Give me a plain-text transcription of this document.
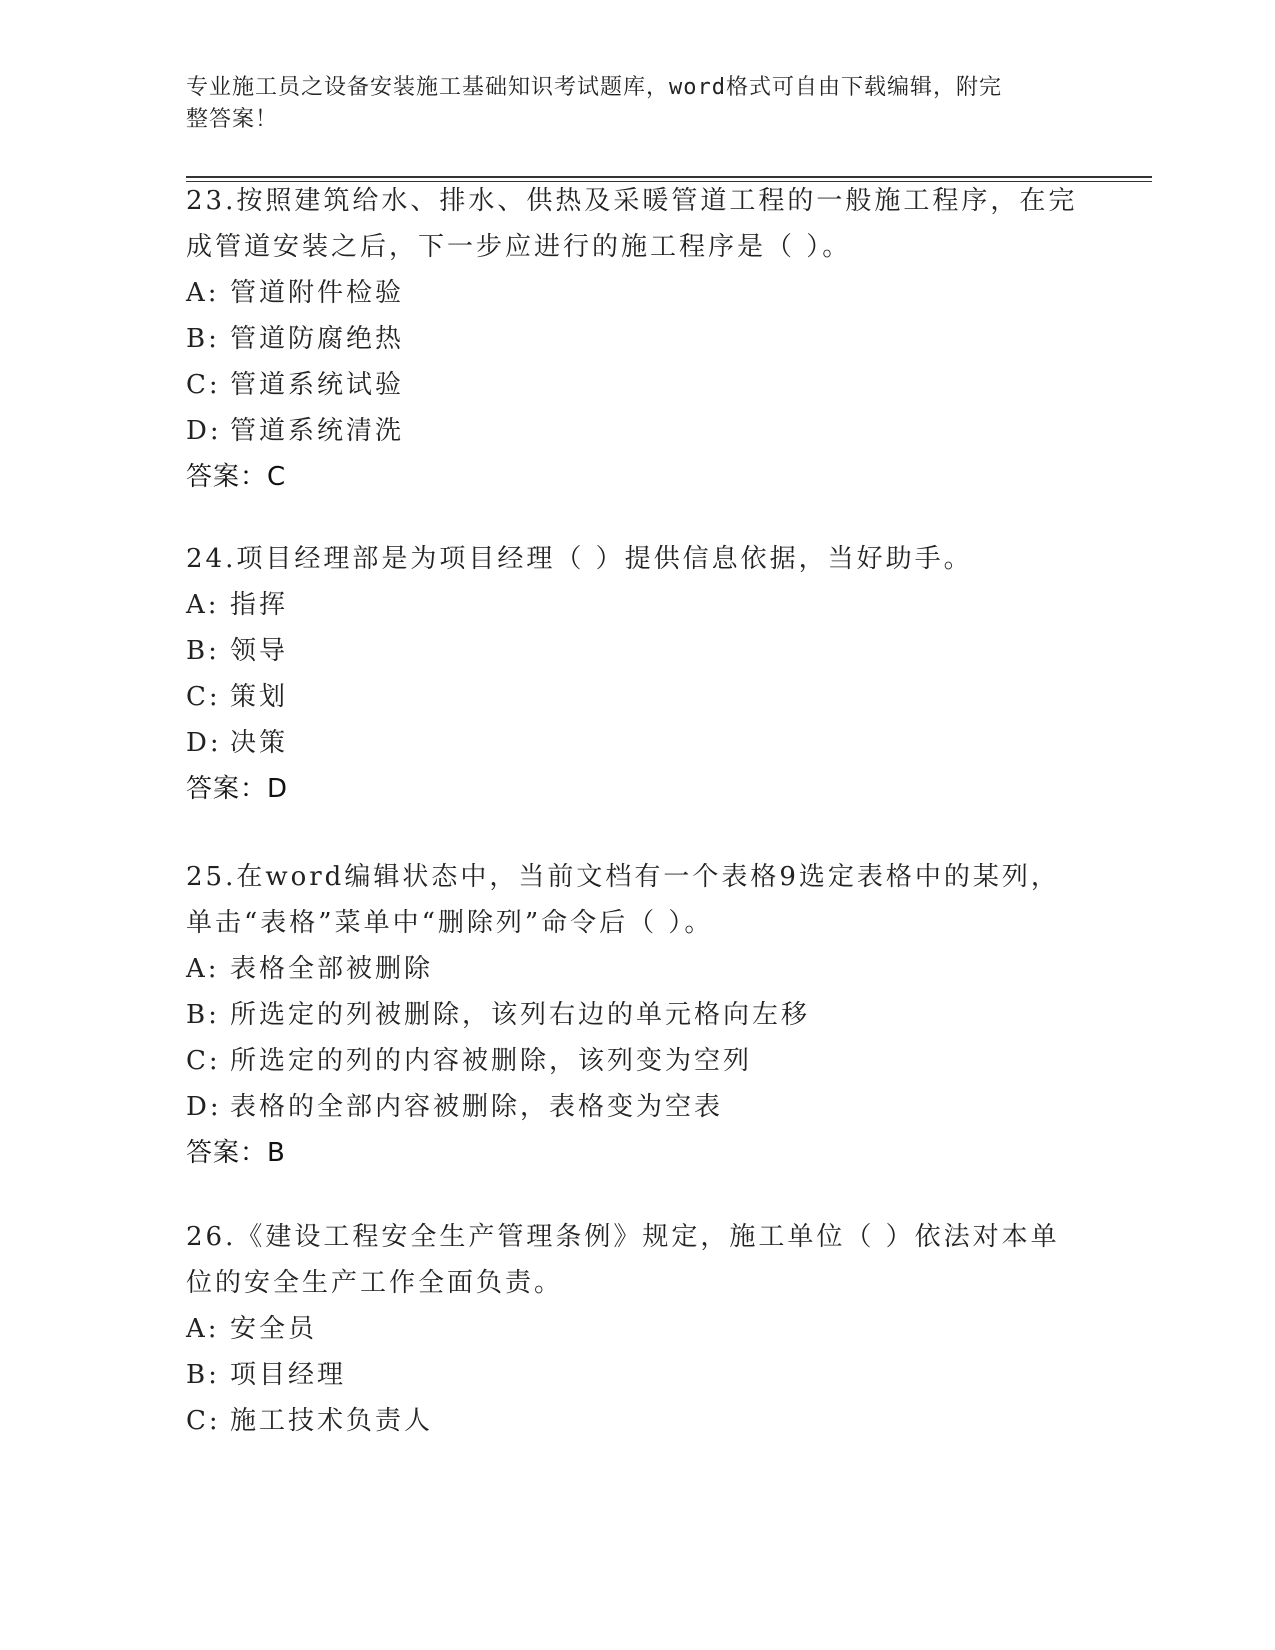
专业施工员之设备安装施工基础知识考试题库，word格式可自由下载编辑，附完
整答案！

23.按照建筑给水、排水、供热及采暖管道工程的一般施工程序，在完

成管道安装之后，下一步应进行的施工程序是（ ）。

A: 管道附件检验

B: 管道防腐绝热

C: 管道系统试验

D: 管道系统清洗

答案：C

24.项目经理部是为项目经理（ ）提供信息依据，当好助手。

A: 指挥

B: 领导

C: 策划

D: 决策

答案：D

25.在word编辑状态中，当前文档有一个表格9选定表格中的某列，

单击“表格”菜单中“删除列”命令后（ ）。

A: 表格全部被删除

B: 所选定的列被删除，该列右边的单元格向左移

C: 所选定的列的内容被删除，该列变为空列

D: 表格的全部内容被删除，表格变为空表

答案：B

26.《建设工程安全生产管理条例》规定，施工单位（ ）依法对本单

位的安全生产工作全面负责。

A: 安全员

B: 项目经理

C: 施工技术负责人
